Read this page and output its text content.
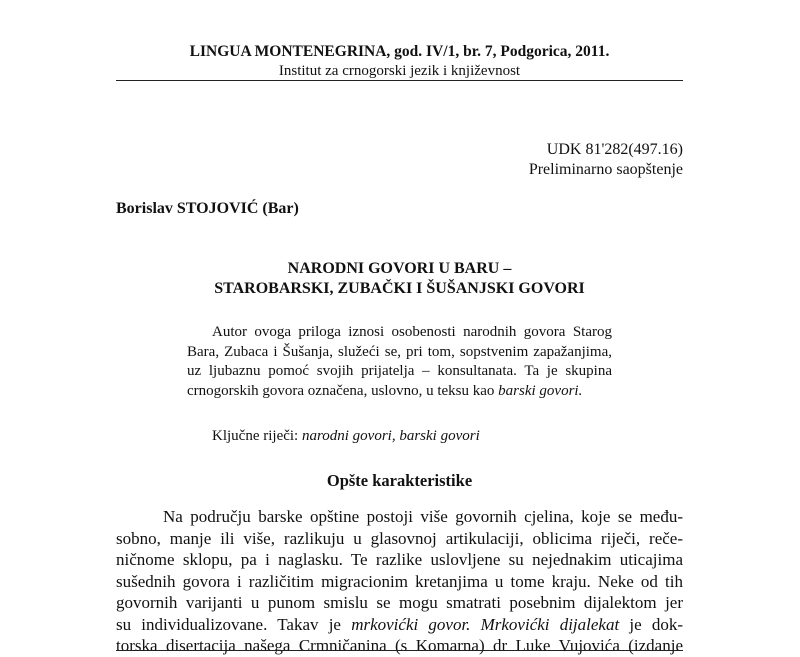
LINGUA MONTENEGRINA, god. IV/1, br. 7, Podgorica, 2011.
Institut za crnogorski jezik i književnost
UDK 81'282(497.16)
Preliminarno saopštenje
Borislav STOJOVIĆ (Bar)
NARODNI GOVORI U BARU –
STAROBARSKI, ZUBAČKI I ŠUŠANJSKI GOVORI

Autor ovoga priloga iznosi osobenosti narodnih govora Starog Bara, Zubaca i Šušanja, služeći se, pri tom, sopstvenim zapažanjima, uz ljubaznu pomoć svojih prijatelja – konsultanata. Ta je skupina crnogorskih govora označena, uslovno, u teksu kao barski govori.

Ključne riječi: narodni govori, barski govori
Opšte karakteristike
Na području barske opštine postoji više govornih cjelina, koje se među-
sobno, manje ili više, razlikuju u glasovnoj artikulaciji, oblicima riječi, reče-
ničnome sklopu, pa i naglasku. Te razlike uslovljene su nejednakim uticajima
sušednih govora i različitim migracionim kretanjima u tome kraju. Neke od tih
govornih varijanti u punom smislu se mogu smatrati posebnim dijalektom jer
su individualizovane. Takav je mrkovićki govor. Mrkovićki dijalekat je dok-
torska disertacija našega Crmničanina (s Komarna) dr Luke Vujovića (izdanje
